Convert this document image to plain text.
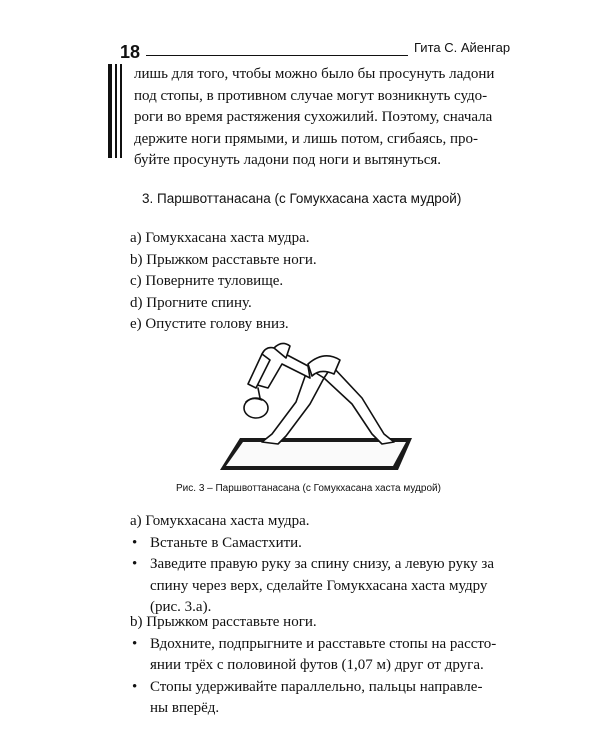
18	Гита С. Айенгар
лишь для того, чтобы можно было бы просунуть ладони
под стопы, в противном случае могут возникнуть судо-
роги во время растяжения сухожилий. Поэтому, сначала
держите ноги прямыми, и лишь потом, сгибаясь, про-
буйте просунуть ладони под ноги и вытянуться.
3. Паршвоттанасана (с Гомукхасана хаста мудрой)
a) Гомукхасана хаста мудра.
b) Прыжком расставьте ноги.
c) Поверните туловище.
d) Прогните спину.
e) Опустите голову вниз.
Рис. 3 – Паршвоттанасана (с Гомукхасана хаста мудрой)
a) Гомукхасана хаста мудра.
• Встаньте в Самастхити.
• Заведите правую руку за спину снизу, а левую руку за
спину через верх, сделайте Гомукхасана хаста мудру
(рис. 3.а).
b) Прыжком расставьте ноги.
• Вдохните, подпрыгните и расставьте стопы на рассто-
янии трёх с половиной футов (1,07 м) друг от друга.
• Стопы удерживайте параллельно, пальцы направле-
ны вперёд.
